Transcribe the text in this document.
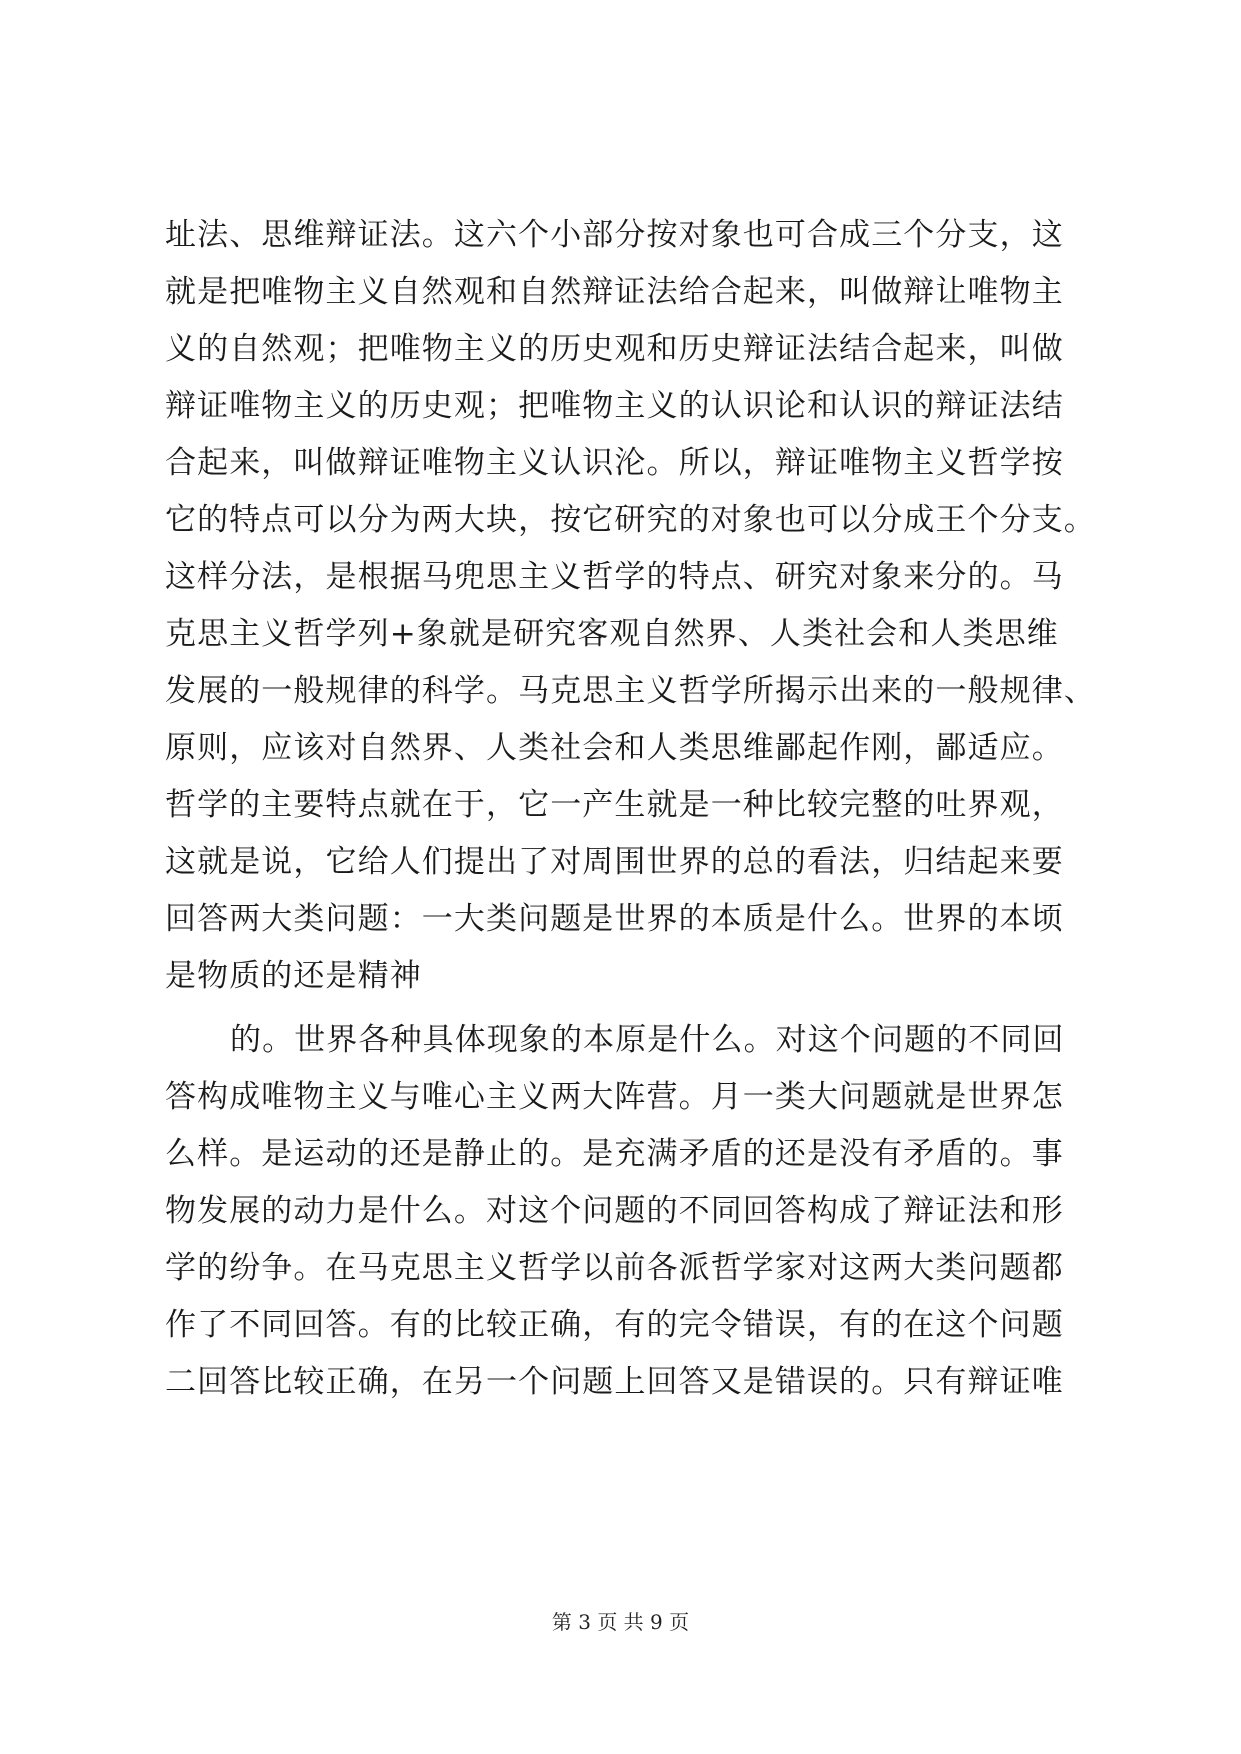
址法、思维辩证法。这六个小部分按对象也可合成三个分支，这
就是把唯物主义自然观和自然辩证法给合起来，叫做辩让唯物主
义的自然观；把唯物主义的历史观和历史辩证法结合起来，叫做
辩证唯物主义的历史观；把唯物主义的认识论和认识的辩证法结
合起来，叫做辩证唯物主义认识沦。所以，辩证唯物主义哲学按
它的特点可以分为两大块，按它研究的对象也可以分成王个分支。
这样分法，是根据马兜思主义哲学的特点、研究对象来分的。马
克思主义哲学列+象就是研究客观自然界、人类社会和人类思维
发展的一般规律的科学。马克思主义哲学所揭示出来的一般规律、
原则，应该对自然界、人类社会和人类思维鄙起作刚，鄙适应。
哲学的主要特点就在于，它一产生就是一种比较完整的吐界观，
这就是说，它给人们提出了对周围世界的总的看法，归结起来要
回答两大类问题：一大类问题是世界的本质是什么。世界的本顷
是物质的还是精神
的。世界各种具体现象的本原是什么。对这个问题的不同回
答构成唯物主义与唯心主义两大阵营。月一类大问题就是世界怎
么样。是运动的还是静止的。是充满矛盾的还是没有矛盾的。事
物发展的动力是什么。对这个问题的不同回答构成了辩证法和形
学的纷争。在马克思主义哲学以前各派哲学家对这两大类问题都
作了不同回答。有的比较正确，有的完令错误，有的在这个问题
二回答比较正确，在另一个问题上回答又是错误的。只有辩证唯
第 3 页 共 9 页
